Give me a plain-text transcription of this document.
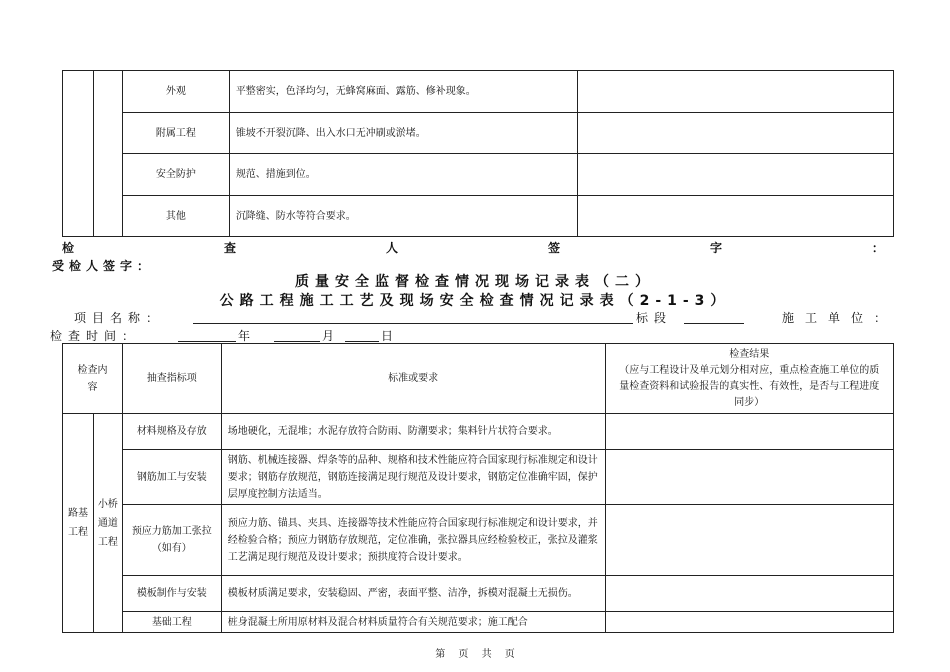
		外观	平整密实，色泽均匀，无蜂窝麻面、露筋、修补现象。	
		附属工程	锥坡不开裂沉降、出入水口无冲刷或淤堵。	
		安全防护	规范、措施到位。	
		其他	沉降缝、防水等符合要求。	
检	查	人	签	字	：
受检人签字：
质量安全监督检查情况现场记录表（二）
公路工程施工工艺及现场安全检查情况记录表（2-1-3）
项目名称：	标段	施工单位：
检查时间：	年	月	日
检查内容		抽查指标项	标准或要求	检查结果
（应与工程设计及单元划分相对应，重点检查施工单位的质量检查资料和试验报告的真实性、有效性，是否与工程进度同步）

路基工程	小桥通道工程	材料规格及存放	场地硬化，无混堆；水泥存放符合防雨、防潮要求；集料针片状符合要求。	
		钢筋加工与安装	钢筋、机械连接器、焊条等的品种、规格和技术性能应符合国家现行标准规定和设计要求；钢筋存放规范，钢筋连接满足现行规范及设计要求，钢筋定位准确牢固，保护层厚度控制方法适当。	
		预应力筋加工张拉（如有）	预应力筋、锚具、夹具、连接器等技术性能应符合国家现行标准规定和设计要求，并经检验合格；预应力钢筋存放规范，定位准确，张拉器具应经检验校正，张拉及灌浆工艺满足现行规范及设计要求；预拱度符合设计要求。	
		模板制作与安装	模板材质满足要求，安装稳固、严密，表面平整、洁净，拆模对混凝土无损伤。	
		基础工程	桩身混凝土所用原材料及混合材料质量符合有关规范要求；施工配合	
第 页 共 页
